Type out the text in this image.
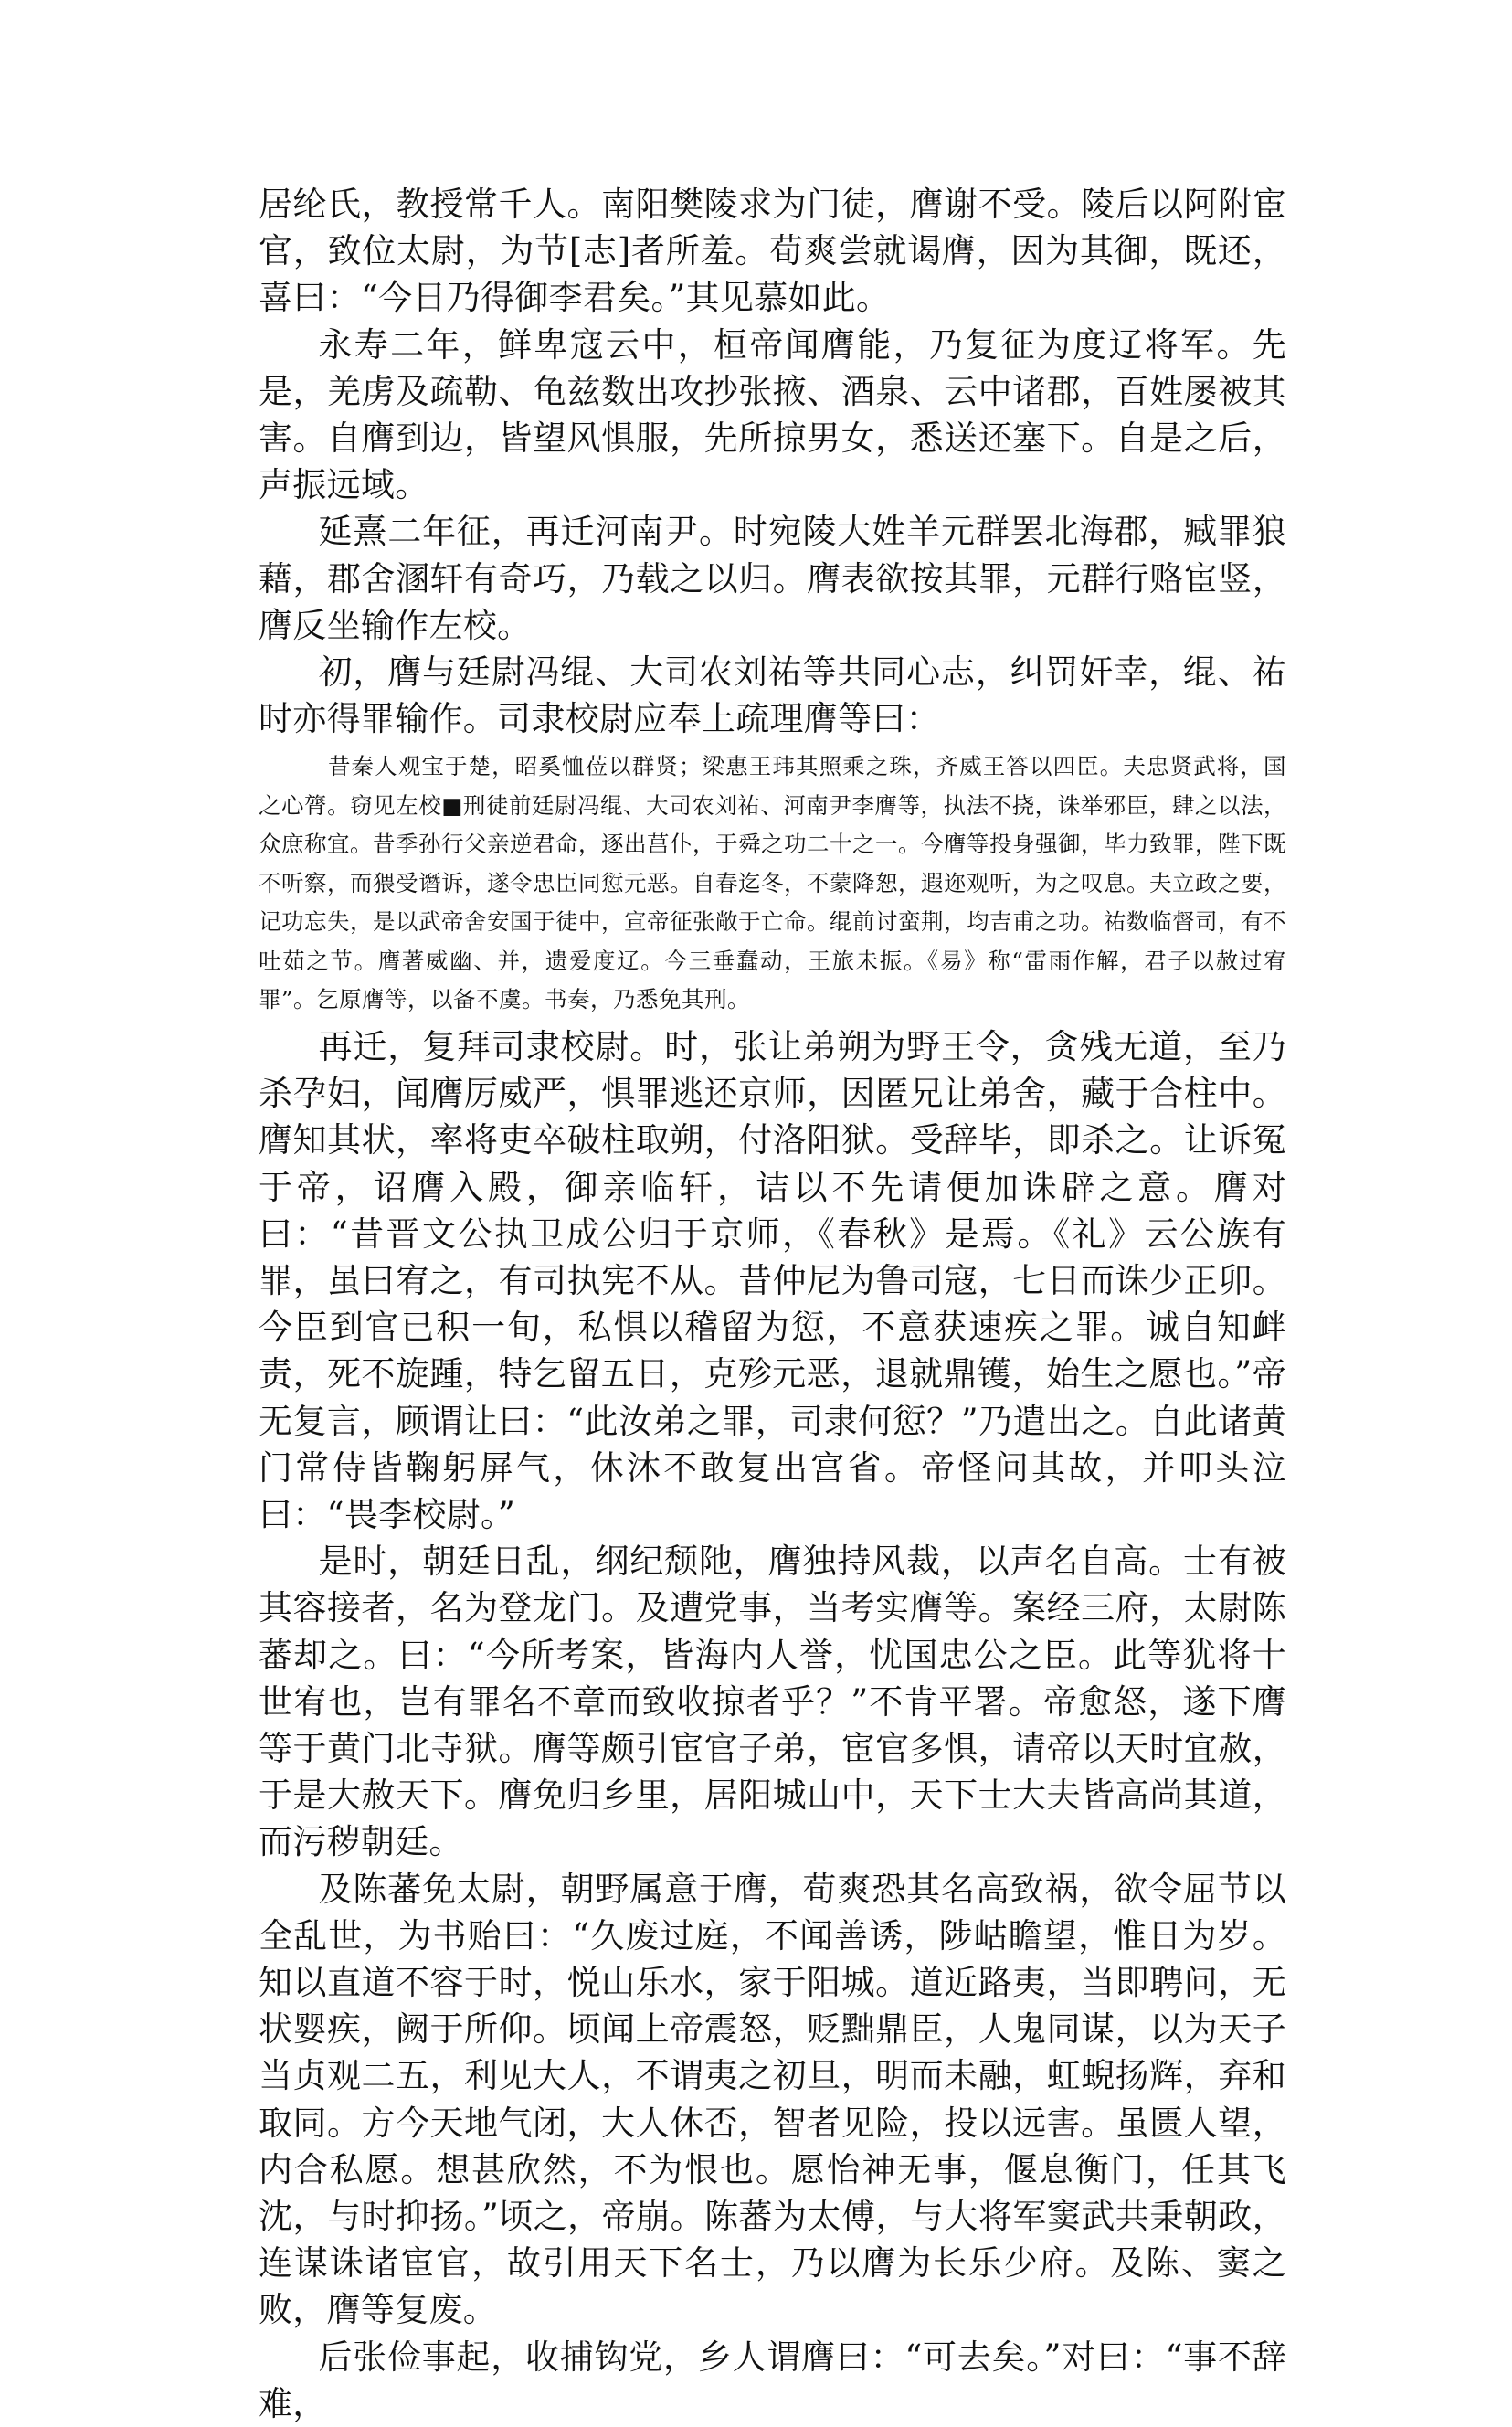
居纶氏，教授常千人。南阳樊陵求为门徒，膺谢不受。陵后以阿附宦官，致位太尉，为节[志]者所羞。荀爽尝就谒膺，因为其御，既还，喜曰：“今日乃得御李君矣。”其见慕如此。

永寿二年，鲜卑寇云中，桓帝闻膺能，乃复征为度辽将军。先是，羌虏及疏勒、龟兹数出攻抄张掖、酒泉、云中诸郡，百姓屡被其害。自膺到边，皆望风惧服，先所掠男女，悉送还塞下。自是之后，声振远域。

延熹二年征，再迁河南尹。时宛陵大姓羊元群罢北海郡，臧罪狼藉，郡舍溷轩有奇巧，乃载之以归。膺表欲按其罪，元群行赂宦竖，膺反坐输作左校。

初，膺与廷尉冯绲、大司农刘祐等共同心志，纠罚奸幸，绲、祐时亦得罪输作。司隶校尉应奉上疏理膺等曰：

昔秦人观宝于楚，昭奚恤莅以群贤；梁惠王玮其照乘之珠，齐威王答以四臣。夫忠贤武将，国之心膂。窃见左校■刑徒前廷尉冯绲、大司农刘祐、河南尹李膺等，执法不挠，诛举邪臣，肆之以法，众庶称宜。昔季孙行父亲逆君命，逐出莒仆，于舜之功二十之一。今膺等投身强御，毕力致罪，陛下既不听察，而猥受谮诉，遂令忠臣同愆元恶。自春迄冬，不蒙降恕，遐迩观听，为之叹息。夫立政之要，记功忘失，是以武帝舍安国于徒中，宣帝征张敞于亡命。绲前讨蛮荆，均吉甫之功。祐数临督司，有不吐茹之节。膺著威幽、并，遗爱度辽。今三垂蠢动，王旅未振。《易》称“雷雨作解，君子以赦过宥罪”。乞原膺等，以备不虞。书奏，乃悉免其刑。

再迁，复拜司隶校尉。时，张让弟朔为野王令，贪残无道，至乃杀孕妇，闻膺厉威严，惧罪逃还京师，因匿兄让弟舍，藏于合柱中。膺知其状，率将吏卒破柱取朔，付洛阳狱。受辞毕，即杀之。让诉冤于帝，诏膺入殿，御亲临轩，诘以不先请便加诛辟之意。膺对曰：“昔晋文公执卫成公归于京师，《春秋》是焉。《礼》云公族有罪，虽曰宥之，有司执宪不从。昔仲尼为鲁司寇，七日而诛少正卯。今臣到官已积一旬，私惧以稽留为愆，不意获速疾之罪。诚自知衅责，死不旋踵，特乞留五日，克殄元恶，退就鼎镬，始生之愿也。”帝无复言，顾谓让曰：“此汝弟之罪，司隶何愆？”乃遣出之。自此诸黄门常侍皆鞠躬屏气，休沐不敢复出宫省。帝怪问其故，并叩头泣曰：“畏李校尉。”

是时，朝廷日乱，纲纪颓阤，膺独持风裁，以声名自高。士有被其容接者，名为登龙门。及遭党事，当考实膺等。案经三府，太尉陈蕃却之。曰：“今所考案，皆海内人誉，忧国忠公之臣。此等犹将十世宥也，岂有罪名不章而致收掠者乎？”不肯平署。帝愈怒，遂下膺等于黄门北寺狱。膺等颇引宦官子弟，宦官多惧，请帝以天时宜赦，于是大赦天下。膺免归乡里，居阳城山中，天下士大夫皆高尚其道，而污秽朝廷。

及陈蕃免太尉，朝野属意于膺，荀爽恐其名高致祸，欲令屈节以全乱世，为书贻曰：“久废过庭，不闻善诱，陟岵瞻望，惟日为岁。知以直道不容于时，悦山乐水，家于阳城。道近路夷，当即聘问，无状婴疾，阙于所仰。顷闻上帝震怒，贬黜鼎臣，人鬼同谋，以为天子当贞观二五，利见大人，不谓夷之初旦，明而未融，虹蜺扬辉，弃和取同。方今天地气闭，大人休否，智者见险，投以远害。虽匮人望，内合私愿。想甚欣然，不为恨也。愿怡神无事，偃息衡门，任其飞沈，与时抑扬。”顷之，帝崩。陈蕃为太傅，与大将军窦武共秉朝政，连谋诛诸宦官，故引用天下名士，乃以膺为长乐少府。及陈、窦之败，膺等复废。

后张俭事起，收捕钩党，乡人谓膺曰：“可去矣。”对曰：“事不辞难，
